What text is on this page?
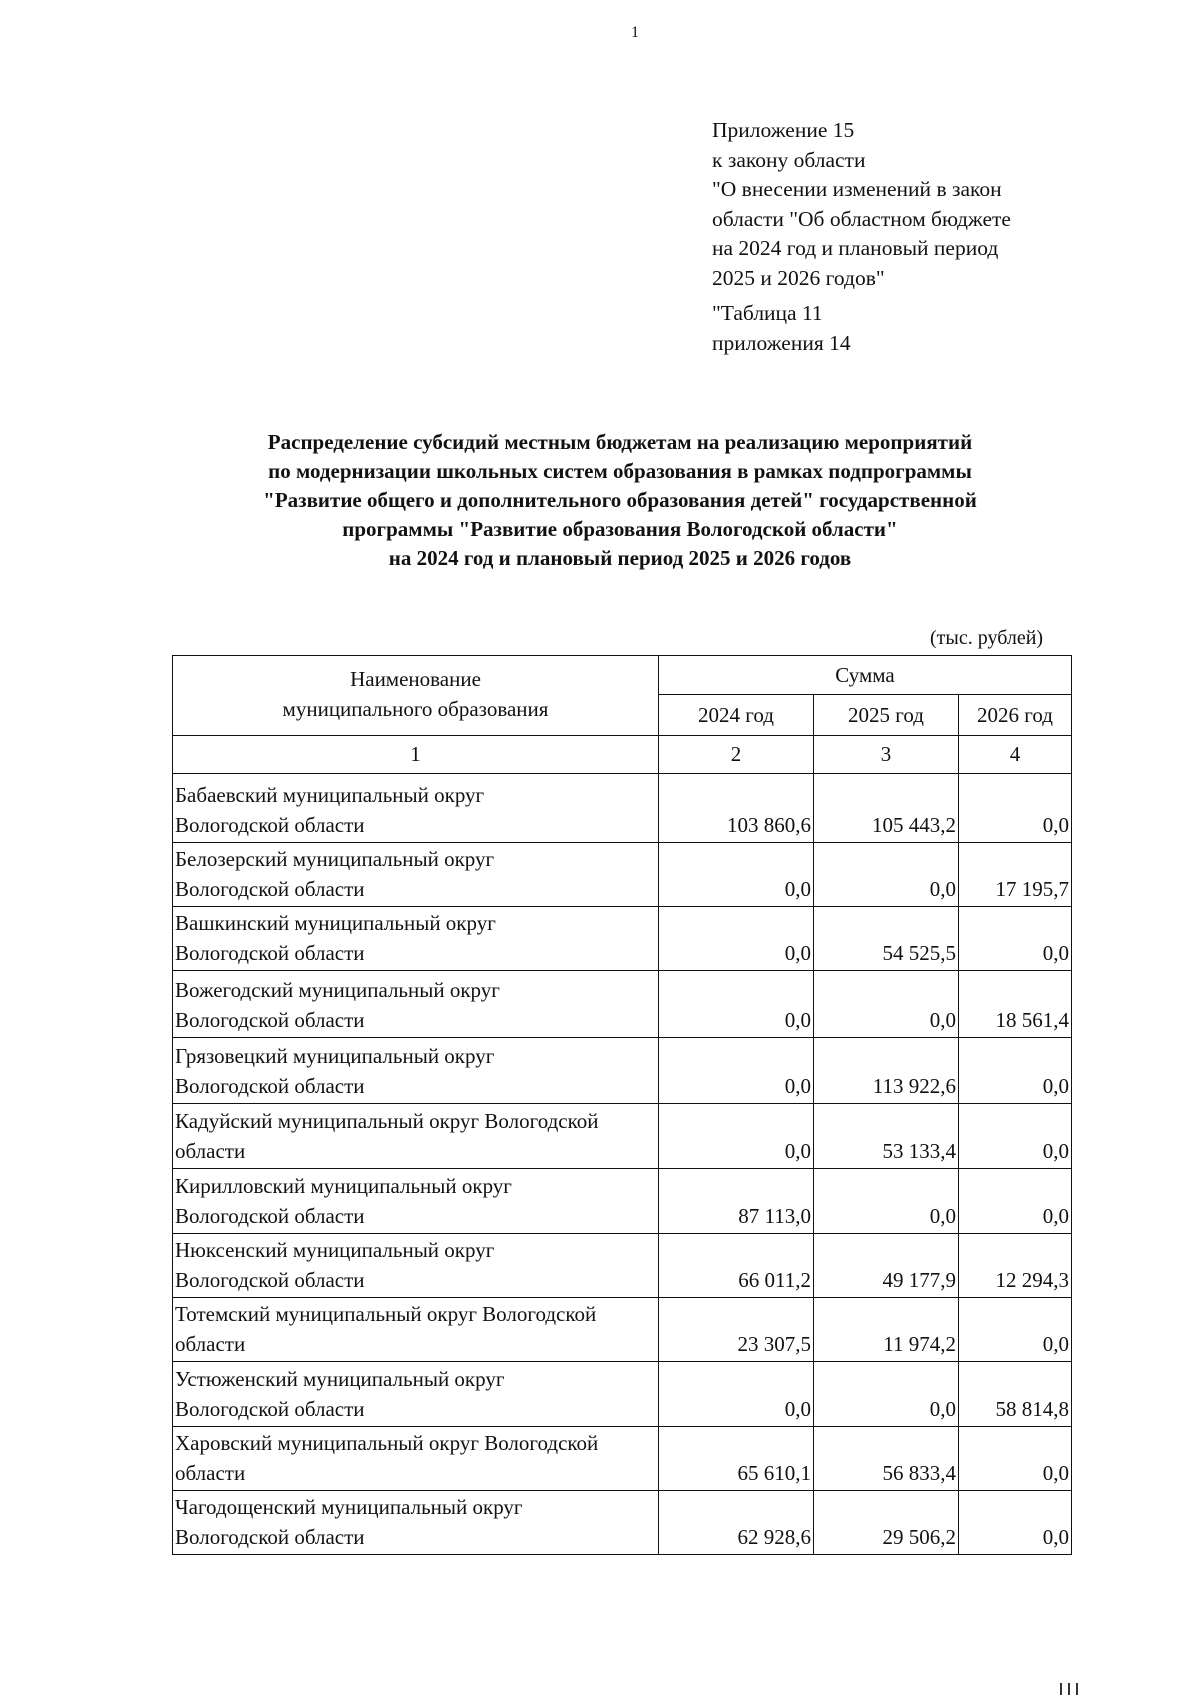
1
Приложение 15
к закону области
"О внесении изменений в закон
области "Об областном бюджете
на 2024 год и плановый период
2025 и 2026 годов"
"Таблица 11
приложения 14
Распределение субсидий местным бюджетам на реализацию мероприятий
по модернизации школьных систем образования в рамках подпрограммы
"Развитие общего и дополнительного образования детей" государственной
программы "Развитие образования Вологодской области"
на 2024 год и плановый период 2025 и 2026 годов
(тыс. рублей)
Наименование
муниципального образования	Сумма		
	2024 год	2025 год	2026 год
1	2	3	4

Бабаевский муниципальный округ
Вологодской области	103 860,6	105 443,2	0,0

Белозерский муниципальный округ
Вологодской области	0,0	0,0	17 195,7

Вашкинский муниципальный округ
Вологодской области	0,0	54 525,5	0,0

Вожегодский муниципальный округ
Вологодской области	0,0	0,0	18 561,4

Грязовецкий муниципальный округ
Вологодской области	0,0	113 922,6	0,0

Кадуйский муниципальный округ Вологодской
области	0,0	53 133,4	0,0

Кирилловский муниципальный округ
Вологодской области	87 113,0	0,0	0,0

Нюксенский муниципальный округ
Вологодской области	66 011,2	49 177,9	12 294,3

Тотемский муниципальный округ Вологодской
области	23 307,5	11 974,2	0,0

Устюженский муниципальный округ
Вологодской области	0,0	0,0	58 814,8

Харовский муниципальный округ Вологодской
области	65 610,1	56 833,4	0,0

Чагодощенский муниципальный округ
Вологодской области	62 928,6	29 506,2	0,0
